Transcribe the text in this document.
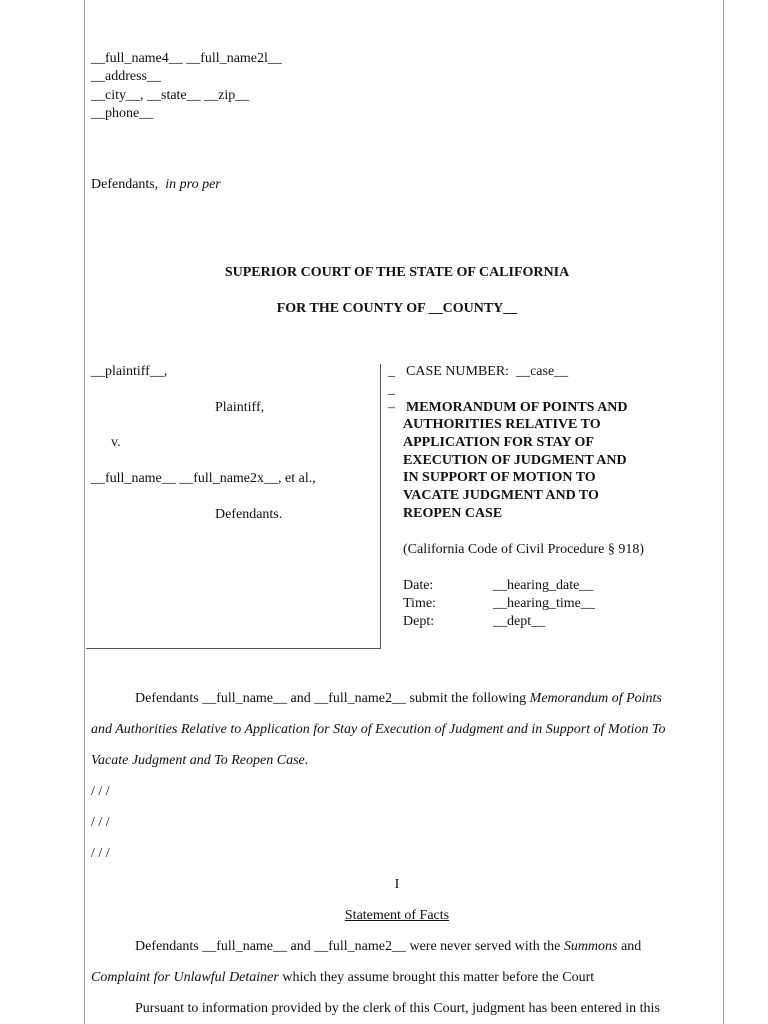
__full_name4__ __full_name2l__
__address__
__city__, __state__ __zip__
__phone__
Defendants, in pro per
SUPERIOR COURT OF THE STATE OF CALIFORNIA
FOR THE COUNTY OF __COUNTY__
__plaintiff__,
Plaintiff,
v.
__full_name__ __full_name2x__, et al.,
Defendants.
_
_
–
CASE NUMBER: __case__
MEMORANDUM OF POINTS AND
AUTHORITIES RELATIVE TO
APPLICATION FOR STAY OF
EXECUTION OF JUDGMENT AND
IN SUPPORT OF MOTION TO
VACATE JUDGMENT AND TO
REOPEN CASE
(California Code of Civil Procedure § 918)
Date:	__hearing_date__
Time:	__hearing_time__
Dept:	__dept__
Defendants __full_name__ and __full_name2__ submit the following Memorandum of Points
and Authorities Relative to Application for Stay of Execution of Judgment and in Support of Motion To
Vacate Judgment and To Reopen Case.
/ / /
/ / /
/ / /
I
Statement of Facts
Defendants __full_name__ and __full_name2__ were never served with the Summons and
Complaint for Unlawful Detainer which they assume brought this matter before the Court
Pursuant to information provided by the clerk of this Court, judgment has been entered in this
